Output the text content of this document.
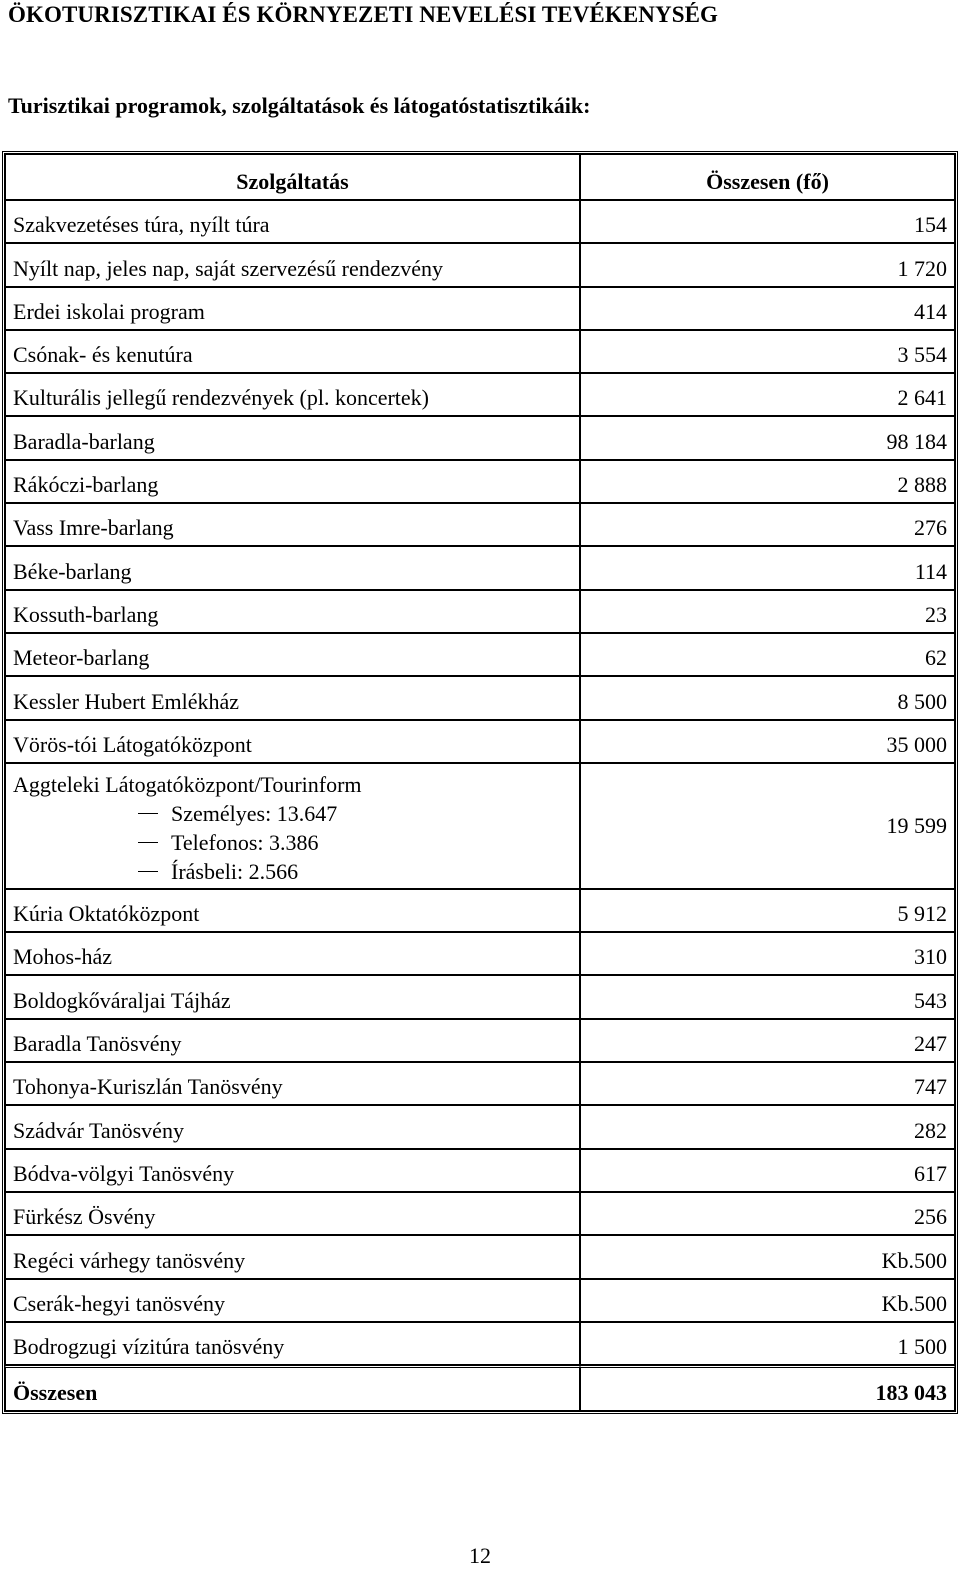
ÖKOTURISZTIKAI ÉS KÖRNYEZETI NEVELÉSI TEVÉKENYSÉG
Turisztikai programok, szolgáltatások és látogatóstatisztikáik:
Szolgáltatás	Összesen (fő)
Szakvezetéses túra, nyílt túra	154
Nyílt nap, jeles nap, saját szervezésű rendezvény	1 720
Erdei iskolai program	414
Csónak- és kenutúra	3 554
Kulturális jellegű rendezvények (pl. koncertek)	2 641
Baradla-barlang	98 184
Rákóczi-barlang	2 888
Vass Imre-barlang	276
Béke-barlang	114
Kossuth-barlang	23
Meteor-barlang	62
Kessler Hubert Emlékház	8 500
Vörös-tói Látogatóközpont	35 000

Aggteleki Látogatóközpont/Tourinform
Személyes: 13.647
Telefonos: 3.386
Írásbeli: 2.566	19 599
Kúria Oktatóközpont	5 912
Mohos-ház	310
Boldogkőváraljai Tájház	543
Baradla Tanösvény	247
Tohonya-Kuriszlán Tanösvény	747
Szádvár Tanösvény	282
Bódva-völgyi Tanösvény	617
Fürkész Ösvény	256
Regéci várhegy tanösvény	Kb.500
Cserák-hegyi tanösvény	Kb.500
Bodrogzugi vízitúra tanösvény	1 500
Összesen	183 043
12
